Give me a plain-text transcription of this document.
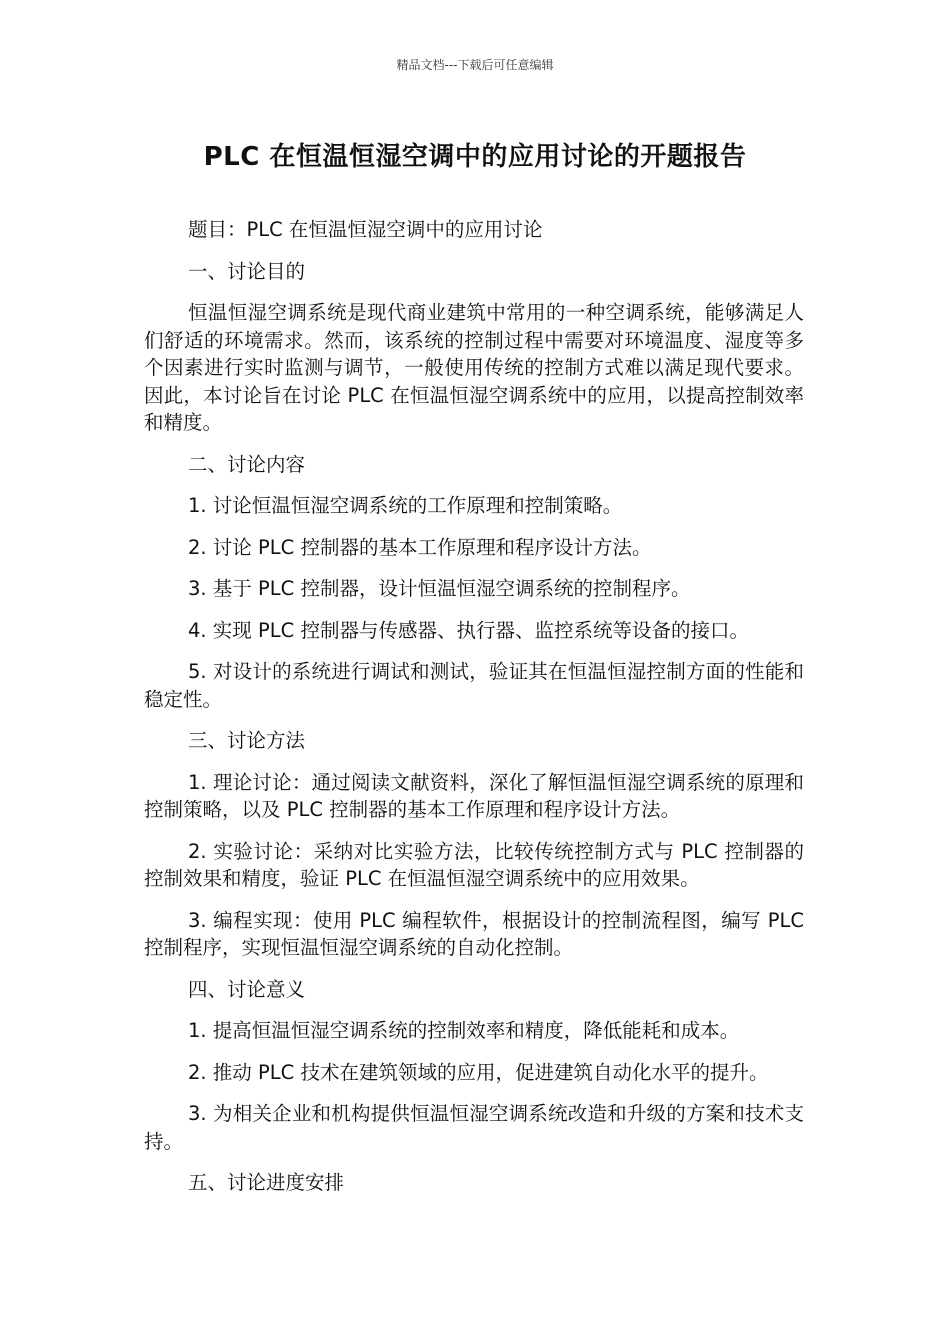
精品文档---下载后可任意编辑
PLC 在恒温恒湿空调中的应用讨论的开题报告

题目：PLC 在恒温恒湿空调中的应用讨论

一、讨论目的

恒温恒湿空调系统是现代商业建筑中常用的一种空调系统，能够满足人们舒适的环境需求。然而，该系统的控制过程中需要对环境温度、湿度等多个因素进行实时监测与调节，一般使用传统的控制方式难以满足现代要求。因此，本讨论旨在讨论 PLC 在恒温恒湿空调系统中的应用，以提高控制效率和精度。

二、讨论内容

1. 讨论恒温恒湿空调系统的工作原理和控制策略。

2. 讨论 PLC 控制器的基本工作原理和程序设计方法。

3. 基于 PLC 控制器，设计恒温恒湿空调系统的控制程序。

4. 实现 PLC 控制器与传感器、执行器、监控系统等设备的接口。

5. 对设计的系统进行调试和测试，验证其在恒温恒湿控制方面的性能和稳定性。

三、讨论方法

1. 理论讨论：通过阅读文献资料，深化了解恒温恒湿空调系统的原理和控制策略，以及 PLC 控制器的基本工作原理和程序设计方法。

2. 实验讨论：采纳对比实验方法，比较传统控制方式与 PLC 控制器的控制效果和精度，验证 PLC 在恒温恒湿空调系统中的应用效果。

3. 编程实现：使用 PLC 编程软件，根据设计的控制流程图，编写 PLC 控制程序，实现恒温恒湿空调系统的自动化控制。

四、讨论意义

1. 提高恒温恒湿空调系统的控制效率和精度，降低能耗和成本。

2. 推动 PLC 技术在建筑领域的应用，促进建筑自动化水平的提升。

3. 为相关企业和机构提供恒温恒湿空调系统改造和升级的方案和技术支持。

五、讨论进度安排
